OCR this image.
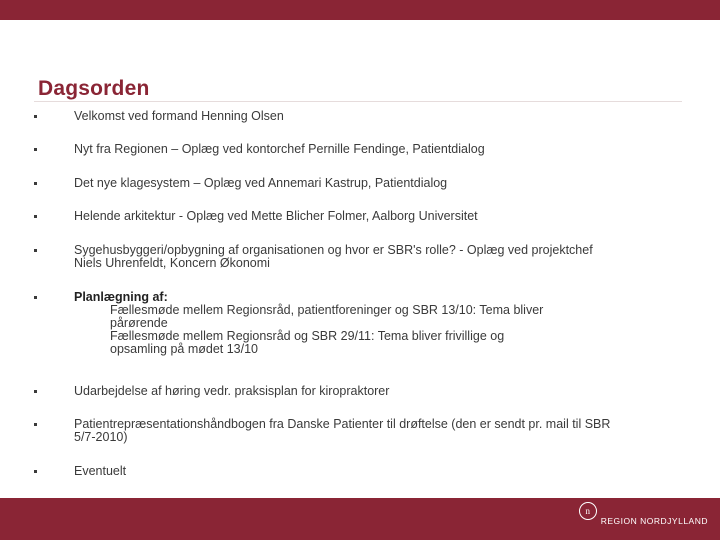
Dagsorden
Velkomst ved formand Henning Olsen
Nyt fra Regionen – Oplæg ved kontorchef Pernille Fendinge, Patientdialog
Det nye klagesystem – Oplæg ved Annemari Kastrup, Patientdialog
Helende arkitektur - Oplæg ved Mette Blicher Folmer, Aalborg Universitet
Sygehusbyggeri/opbygning af organisationen og hvor er SBR's rolle? - Oplæg ved projektchef
Niels Uhrenfeldt, Koncern Økonomi
Planlægning af:
Fællesmøde mellem Regionsråd, patientforeninger og SBR 13/10: Tema bliver
pårørende
Fællesmøde mellem Regionsråd og SBR 29/11: Tema bliver frivillige og
opsamling på mødet 13/10
Udarbejdelse af høring vedr. praksisplan for kiropraktorer
Patientrepræsentationshåndbogen fra Danske Patienter til drøftelse (den er sendt pr. mail til SBR
5/7-2010)
Eventuelt
n
REGION NORDJYLLAND
